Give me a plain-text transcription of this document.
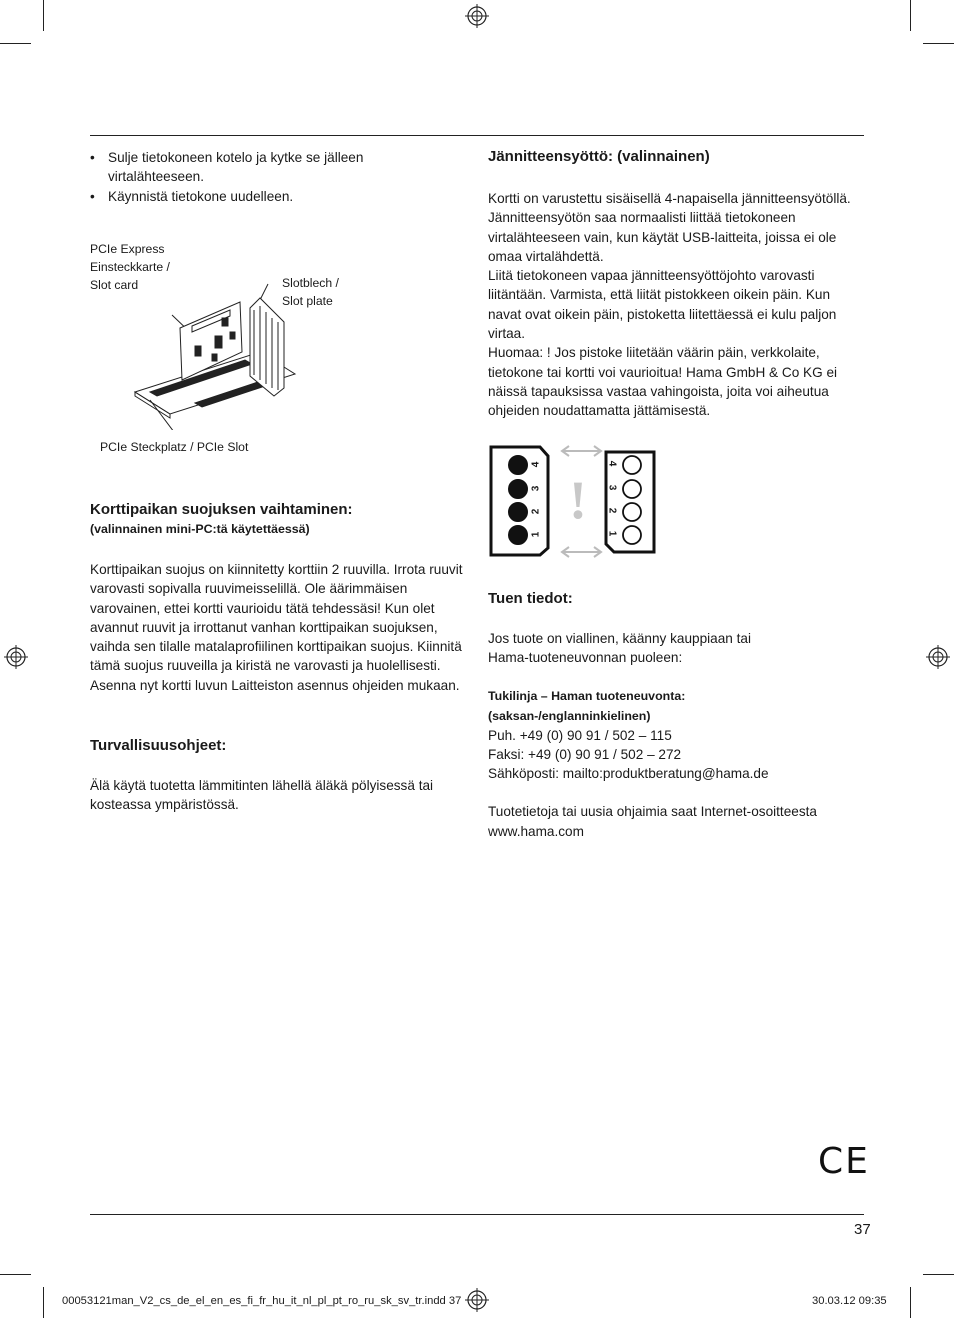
• Sulje tietokoneen kotelo ja kytke se jälleen virtalähteeseen.
• Käynnistä tietokone uudelleen.
PCIe Express
Einsteckkarte /
Slot card	Slotblech /
Slot plate
PCIe Steckplatz / PCIe Slot

Korttipaikan suojuksen vaihtaminen:

(valinnainen mini-PC:tä käytettäessä)

Korttipaikan suojus on kiinnitetty korttiin 2 ruuvilla. Irrota ruuvit varovasti sopivalla ruuvimeisselillä. Ole äärimmäisen varovainen, ettei kortti vaurioidu tätä tehdessäsi! Kun olet avannut ruuvit ja irrottanut vanhan korttipaikan suojuksen, vaihda sen tilalle matalaprofiilinen korttipaikan suojus. Kiinnitä tämä suojus ruuveilla ja kiristä ne varovasti ja huolellisesti. Asenna nyt kortti luvun Laitteiston asennus ohjeiden mukaan.

Turvallisuusohjeet:

Älä käytä tuotetta lämmitinten lähellä äläkä pölyisessä tai kosteassa ympäristössä.

Jännitteensyöttö: (valinnainen)

Kortti on varustettu sisäisellä 4-napaisella jännitteensyötöllä. Jännitteensyötön saa normaalisti liittää tietokoneen virtalähteeseen vain, kun käytät USB-laitteita, joissa ei ole omaa virtalähdettä.
Liitä tietokoneen vapaa jännitteensyöttöjohto varovasti liitäntään. Varmista, että liität pistokkeen oikein päin. Kun navat ovat oikein päin, pistoketta liitettäessä ei kulu paljon virtaa.
Huomaa: ! Jos pistoke liitetään väärin päin, verkkolaite, tietokone tai kortti voi vaurioitua! Hama GmbH & Co KG ei näissä tapauksissa vastaa vahingoista, joita voi aiheutua ohjeiden noudattamatta jättämisestä.

!
4
3
2
1
4
3
2
1

Tuen tiedot:

Jos tuote on viallinen, käänny kauppiaan tai Hama-tuoteneuvonnan puoleen:

Tukilinja – Haman tuoteneuvonta:

(saksan-/englanninkielinen)

Puh. +49 (0) 90 91 / 502 – 115

Faksi: +49 (0) 90 91 / 502 – 272

Sähköposti: mailto:produktberatung@hama.de

Tuotetietoja tai uusia ohjaimia saat Internet-osoitteesta

www.hama.com

CE
37
00053121man_V2_cs_de_el_en_es_fi_fr_hu_it_nl_pl_pt_ro_ru_sk_sv_tr.indd 37	30.03.12 09:35
